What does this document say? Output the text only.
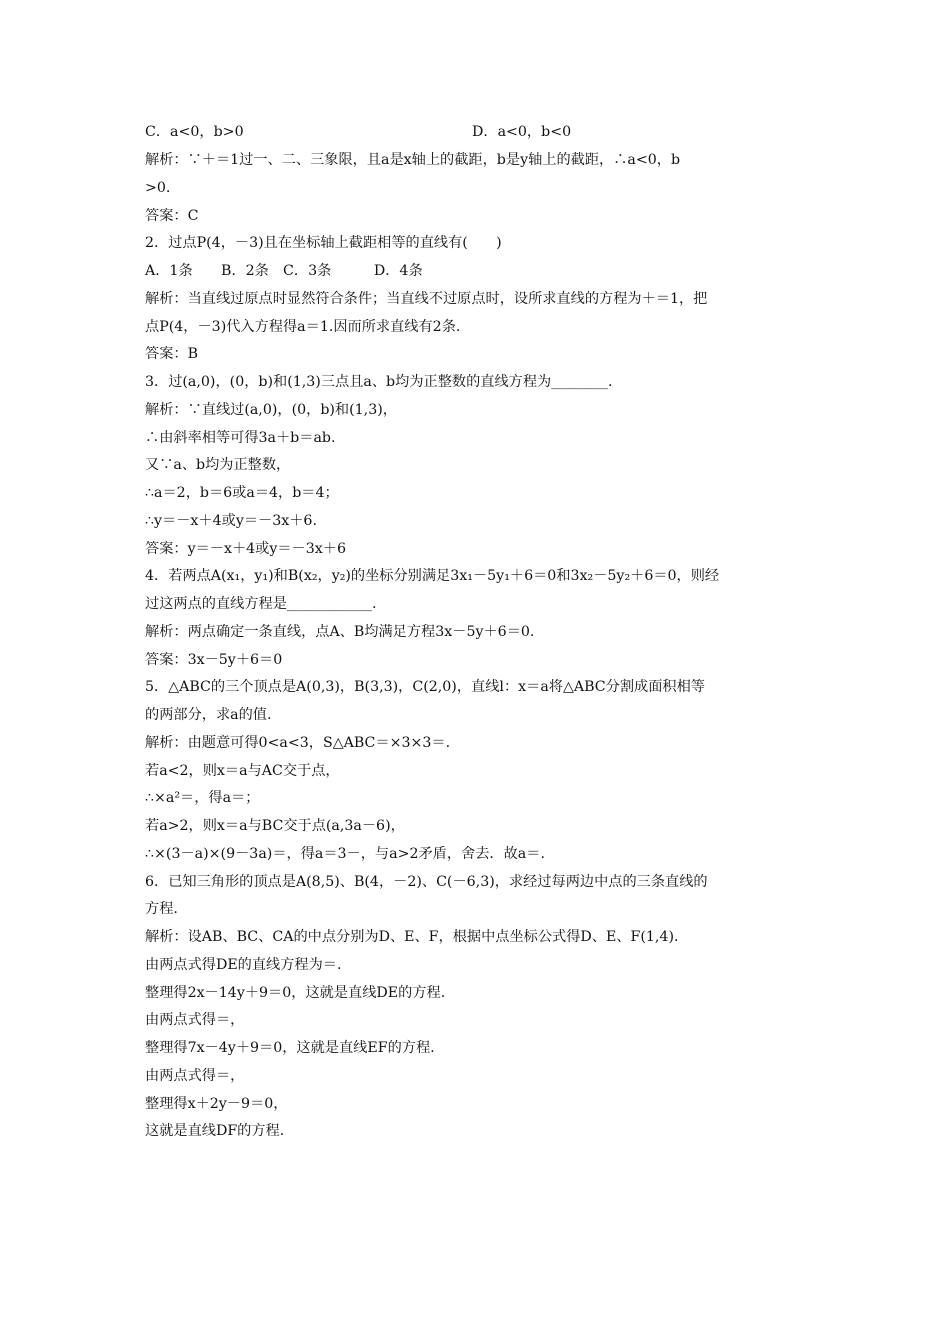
C．a<0，b>0	D．a<0，b<0
解析：∵＋＝1过一、二、三象限，且a是x轴上的截距，b是y轴上的截距，∴a<0，b
>0.
答案：C
2．过点P(4，－3)且在坐标轴上截距相等的直线有(　　)
A．1条　　B．2条　C．3条　　　D．4条
解析：当直线过原点时显然符合条件；当直线不过原点时，设所求直线的方程为＋＝1，把
点P(4，－3)代入方程得a＝1.因而所求直线有2条.
答案：B
3．过(a,0)，(0，b)和(1,3)三点且a、b均为正整数的直线方程为________.
解析：∵直线过(a,0)，(0，b)和(1,3)，
∴由斜率相等可得3a＋b＝ab.
又∵a、b均为正整数，
∴a＝2，b＝6或a＝4，b＝4；
∴y＝－x＋4或y＝－3x＋6.
答案：y＝－x＋4或y＝－3x＋6
4．若两点A(x₁，y₁)和B(x₂，y₂)的坐标分别满足3x₁－5y₁＋6＝0和3x₂－5y₂＋6＝0，则经
过这两点的直线方程是____________.
解析：两点确定一条直线，点A、B均满足方程3x－5y＋6＝0.
答案：3x－5y＋6＝0
5．△ABC的三个顶点是A(0,3)，B(3,3)，C(2,0)，直线l：x＝a将△ABC分割成面积相等
的两部分，求a的值.
解析：由题意可得0<a<3，S△ABC＝×3×3＝.
若a<2，则x＝a与AC交于点，
∴×a²＝，得a＝；
若a>2，则x＝a与BC交于点(a,3a－6)，
∴×(3－a)×(9－3a)＝，得a＝3－，与a>2矛盾，舍去．故a＝.
6．已知三角形的顶点是A(8,5)、B(4，－2)、C(－6,3)，求经过每两边中点的三条直线的
方程.
解析：设AB、BC、CA的中点分别为D、E、F，根据中点坐标公式得D、E、F(1,4).
由两点式得DE的直线方程为＝.
整理得2x－14y＋9＝0，这就是直线DE的方程.
由两点式得＝，
整理得7x－4y＋9＝0，这就是直线EF的方程.
由两点式得＝，
整理得x＋2y－9＝0，
这就是直线DF的方程.
